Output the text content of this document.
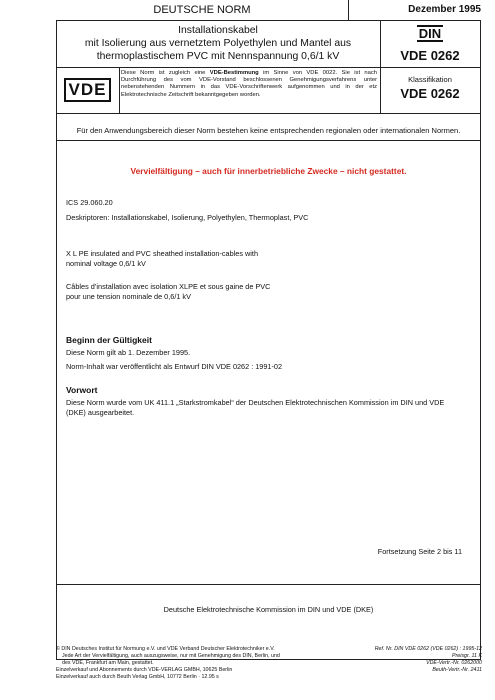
DEUTSCHE NORM	Dezember 1995
Installationskabel
mit Isolierung aus vernetztem Polyethylen und Mantel aus
thermoplastischem PVC mit Nennspannung 0,6/1 kV
DIN
VDE 0262
VDE
Diese Norm ist zugleich eine VDE-Bestimmung im Sinne von VDE 0022. Sie ist nach Durchführung des vom VDE-Vorstand beschlossenen Genehmigungsverfahrens unter nebenstehenden Nummern in das VDE-Vorschriftenwerk aufgenommen und in der etz Elektrotechnische Zeitschrift bekanntgegeben worden.
Klassifikation
VDE 0262
Für den Anwendungsbereich dieser Norm bestehen keine entsprechenden regionalen oder internationalen Normen.
Vervielfältigung – auch für innerbetriebliche Zwecke – nicht gestattet.
ICS 29.060.20
Deskriptoren: Installationskabel, Isolierung, Polyethylen, Thermoplast, PVC
X L PE insulated and PVC sheathed installation-cables with
nominal voltage 0,6/1 kV
Câbles d’installation avec isolation XLPE et sous gaine de PVC
pour une tension nominale de 0,6/1 kV
Beginn der Gültigkeit
Diese Norm gilt ab 1. Dezember 1995.
Norm-Inhalt war veröffentlicht als Entwurf DIN VDE 0262 : 1991-02
Vorwort
Diese Norm wurde vom UK 411.1 „Starkstromkabel“ der Deutschen Elektrotechnischen Kommission im DIN und VDE
(DKE) ausgearbeitet.
Fortsetzung Seite 2 bis 11
Deutsche Elektrotechnische Kommission im DIN und VDE (DKE)
© DIN Deutsches Institut für Normung e.V. und VDE Verband Deutscher Elektrotechniker e.V.
Jede Art der Vervielfältigung, auch auszugsweise, nur mit Genehmigung des DIN, Berlin, und
des VDE, Frankfurt am Main, gestattet.
Einzelverkauf und Abonnements durch VDE-VERLAG GMBH, 10625 Berlin
Einzelverkauf auch durch Beuth Verlag GmbH, 10772 Berlin · 12.95 s
Ref. Nr. DIN VDE 0262 (VDE 0262) : 1995-12
Preisgr. 11 K
VDE-Vertr.-Nr. 0262000
Beuth-Vertr.-Nr. 2411
